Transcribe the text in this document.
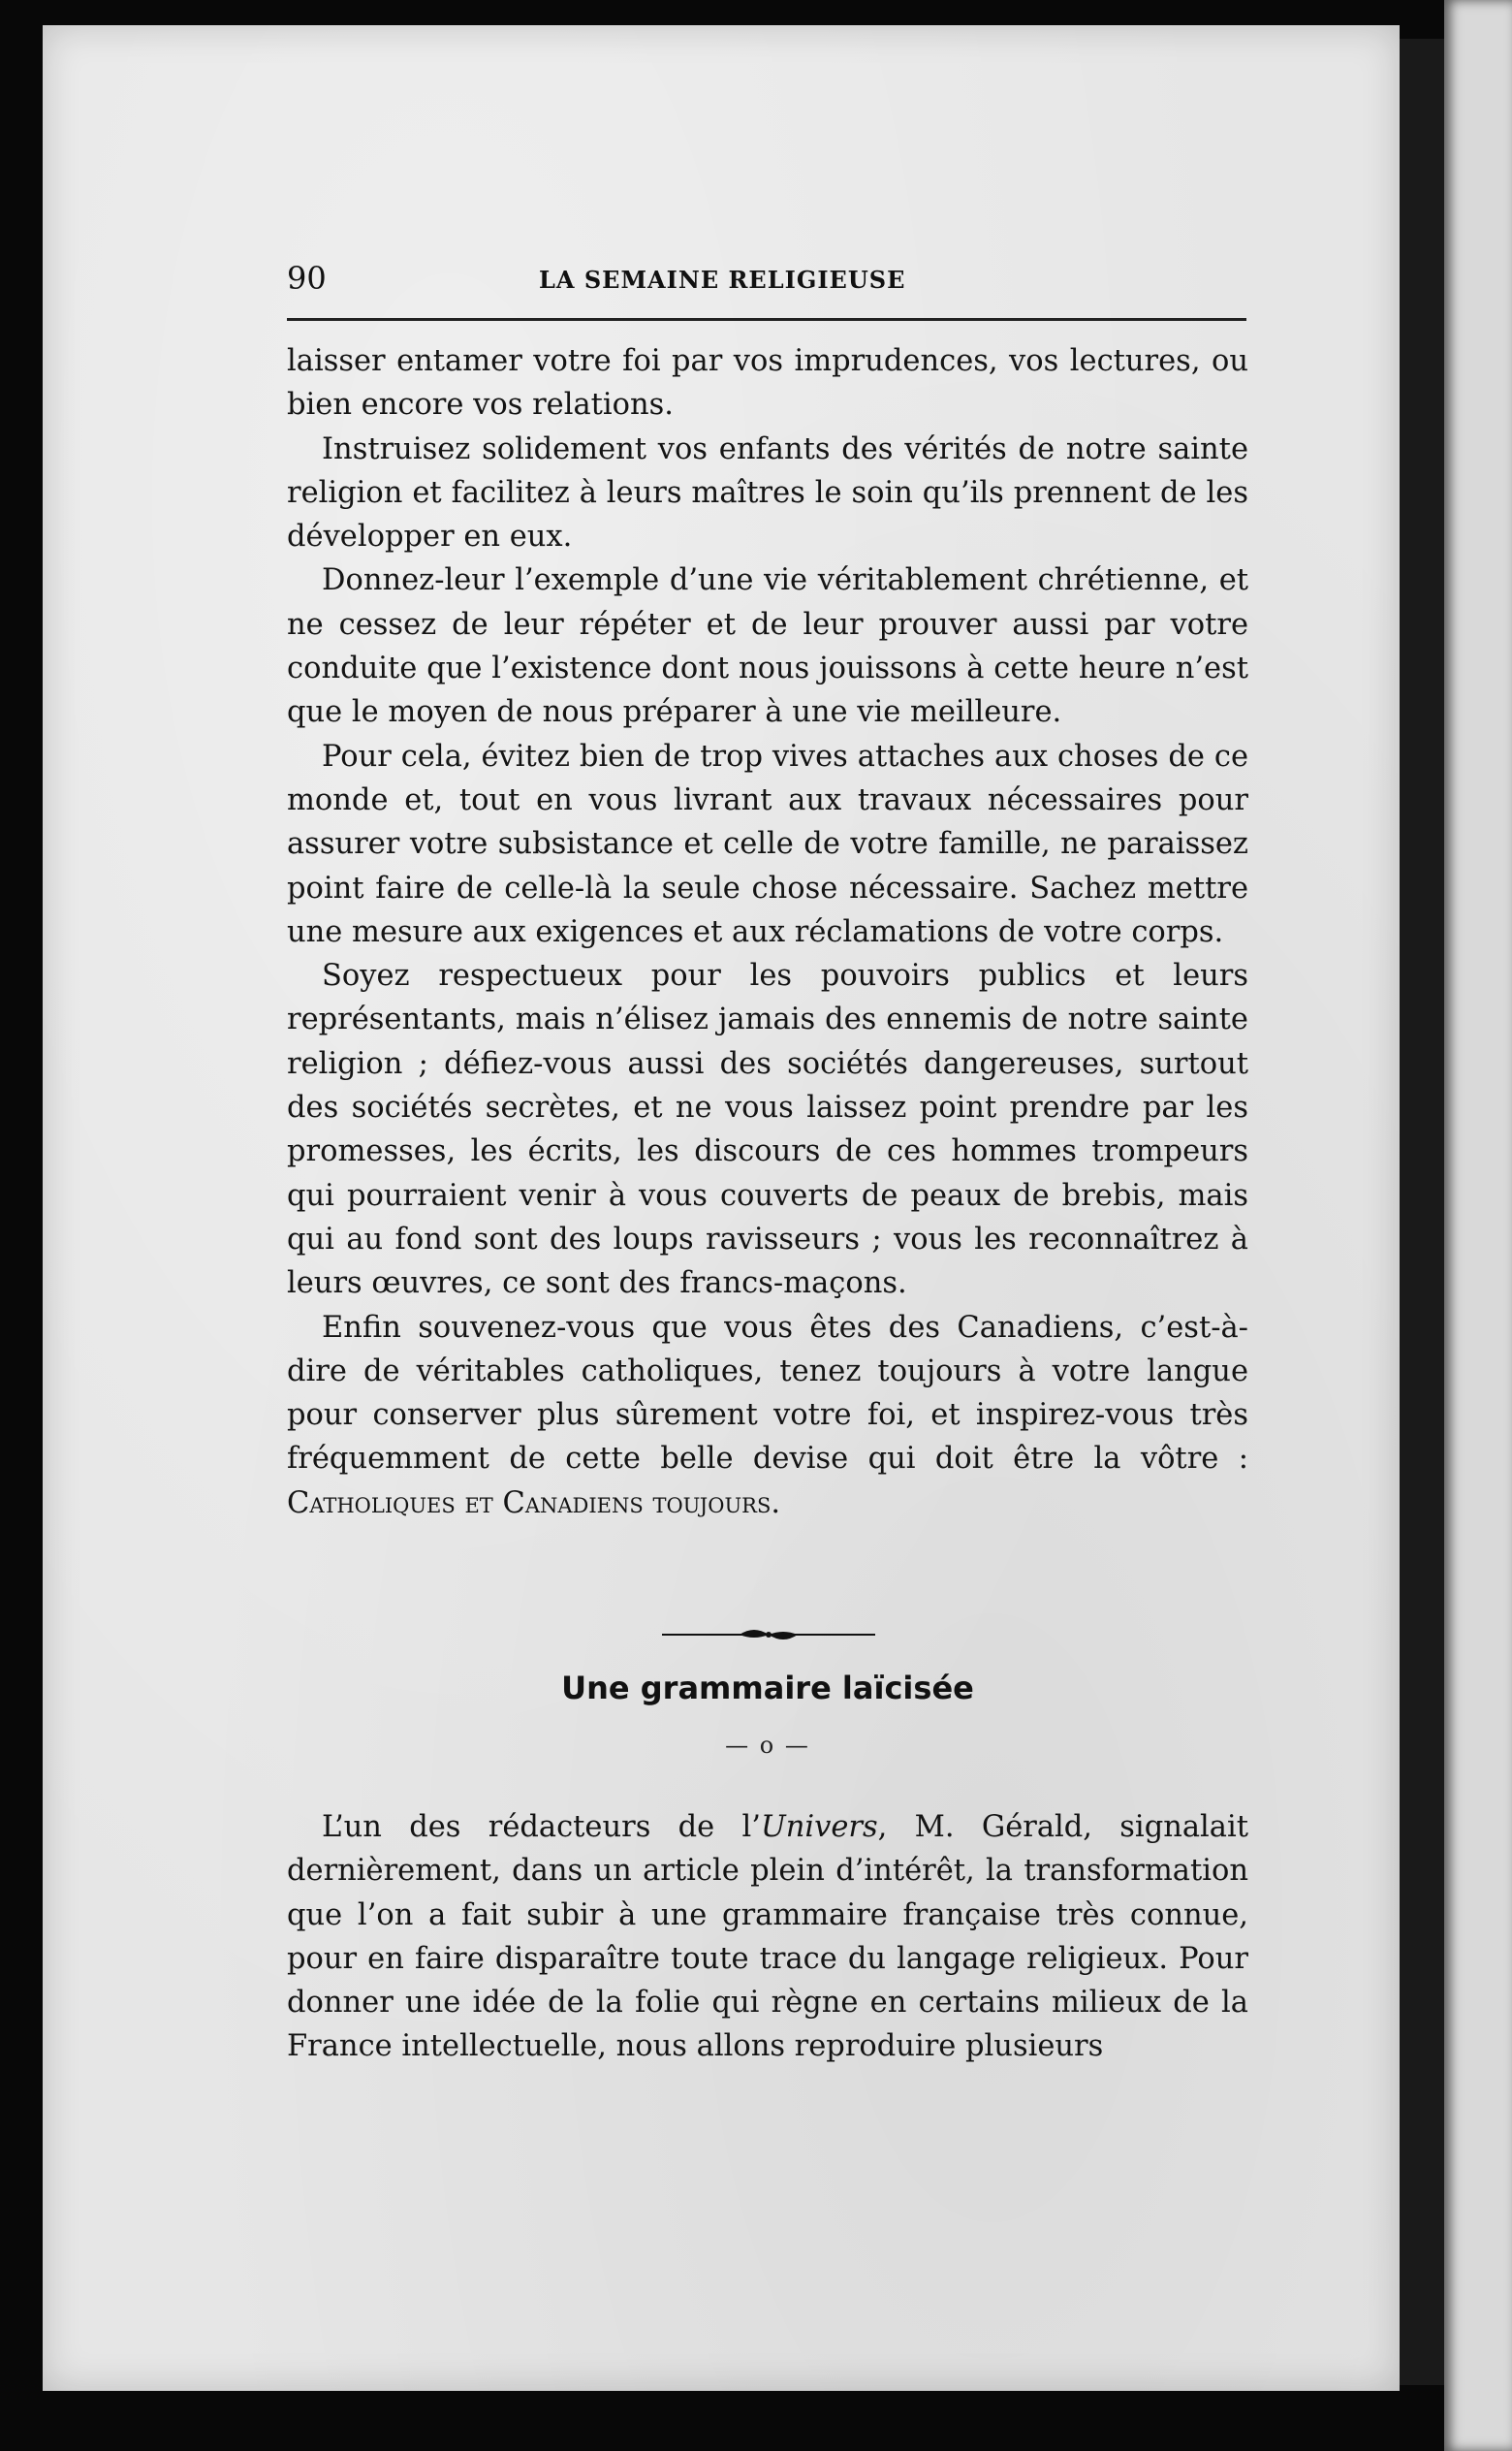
90	LA SEMAINE RELIGIEUSE

laisser entamer votre foi par vos imprudences, vos lectures, ou bien encore vos relations.

Instruisez solidement vos enfants des vérités de notre sainte religion et facilitez à leurs maîtres le soin qu’ils prennent de les développer en eux.

Donnez-leur l’exemple d’une vie véritablement chrétienne, et ne cessez de leur répéter et de leur prouver aussi par votre conduite que l’existence dont nous jouissons à cette heure n’est que le moyen de nous préparer à une vie meilleure.

Pour cela, évitez bien de trop vives attaches aux choses de ce monde et, tout en vous livrant aux travaux nécessaires pour assurer votre subsistance et celle de votre famille, ne paraissez point faire de celle-là la seule chose nécessaire. Sachez mettre une mesure aux exigences et aux réclamations de votre corps.

Soyez respectueux pour les pouvoirs publics et leurs représentants, mais n’élisez jamais des ennemis de notre sainte religion ; défiez-vous aussi des sociétés dangereuses, surtout des sociétés secrètes, et ne vous laissez point prendre par les promesses, les écrits, les discours de ces hommes trompeurs qui pourraient venir à vous couverts de peaux de brebis, mais qui au fond sont des loups ravisseurs ; vous les reconnaîtrez à leurs œuvres, ce sont des francs-maçons.

Enfin souvenez-vous que vous êtes des Canadiens, c’est-à-dire de véritables catholiques, tenez toujours à votre langue pour conserver plus sûrement votre foi, et inspirez-vous très fréquemment de cette belle devise qui doit être la vôtre : Catholiques et Canadiens toujours.

Une grammaire laïcisée
— o —

L’un des rédacteurs de l’Univers, M. Gérald, signalait dernièrement, dans un article plein d’intérêt, la transformation que l’on a fait subir à une grammaire française très connue, pour en faire disparaître toute trace du langage religieux. Pour donner une idée de la folie qui règne en certains milieux de la France intellectuelle, nous allons reproduire plusieurs
